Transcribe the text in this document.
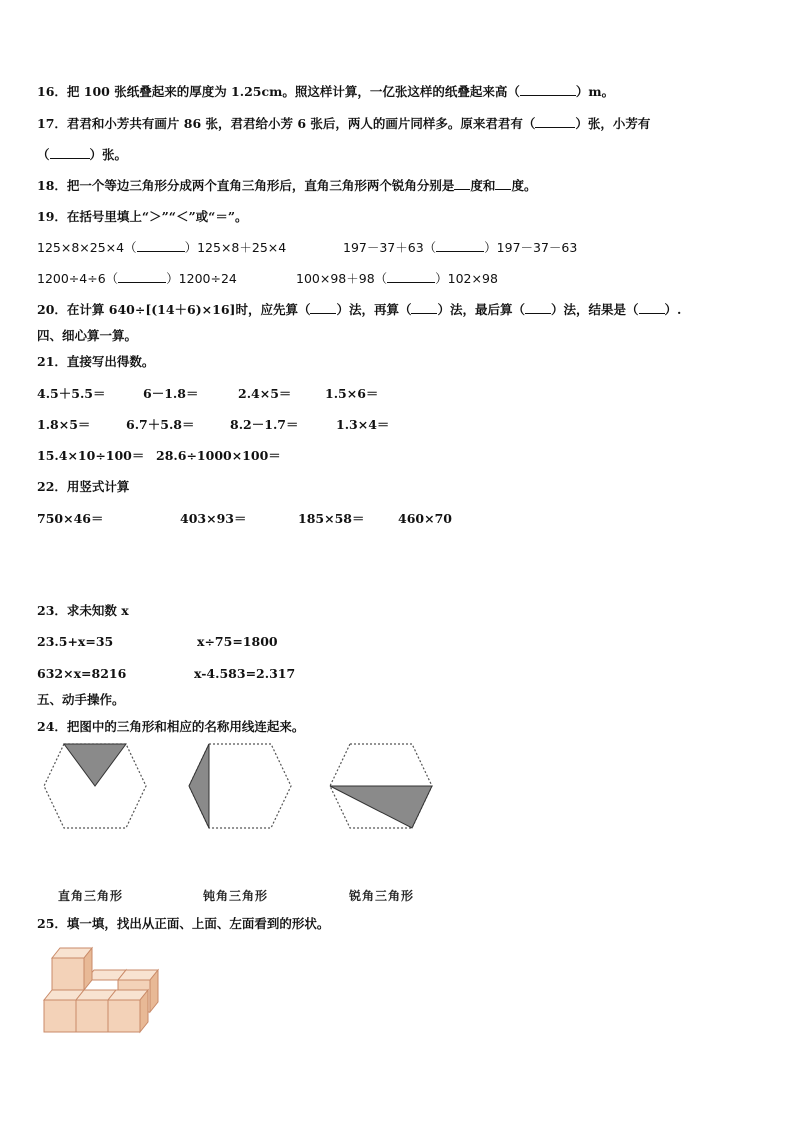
16．把 100 张纸叠起来的厚度为 1.25cm。照这样计算，一亿张这样的纸叠起来高（	）m。
17．君君和小芳共有画片 86 张，君君给小芳 6 张后，两人的画片同样多。原来君君有（	）张，小芳有
（	）张。
18．把一个等边三角形分成两个直角三角形后，直角三角形两个锐角分别是 度和 度。
19．在括号里填上“＞”“＜”或“＝”。
125×8×25×4（	）125×8＋25×4	197－37＋63（	）197－37－63
1200÷4÷6（	）1200÷24	100×98＋98（	）102×98
20．在计算 640÷[(14＋6)×16]时，应先算（ ）法，再算（ ）法，最后算（ ）法，结果是（ ）.
四、细心算一算。
21．直接写出得数。
4.5＋5.5＝	6－1.8＝	2.4×5＝	1.5×6＝
1.8×5＝	6.7＋5.8＝	8.2－1.7＝	1.3×4＝
15.4×10÷100＝ 28.6÷1000×100＝
22．用竖式计算
750×46＝	403×93＝	185×58＝	460×70
23．求未知数 x
23.5+x=35	x÷75=1800
632×x=8216	x-4.583=2.317
五、动手操作。
24．把图中的三角形和相应的名称用线连起来。
直角三角形	钝角三角形	锐角三角形
25．填一填，找出从正面、上面、左面看到的形状。
